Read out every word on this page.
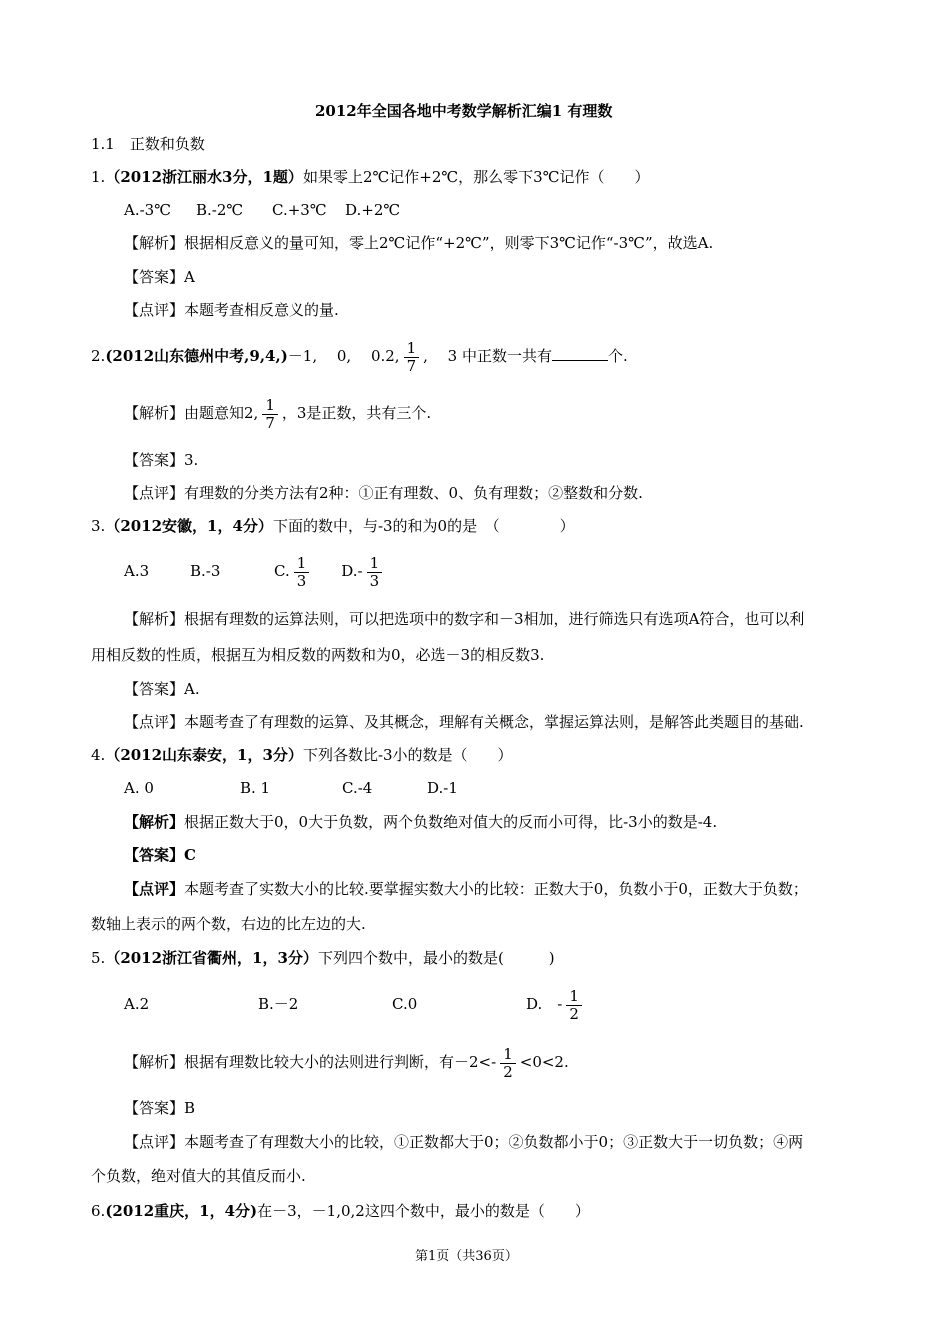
2012年全国各地中考数学解析汇编1 有理数
1.1　正数和负数
1.（2012浙江丽水3分，1题）如果零上2℃记作+2℃，那么零下3℃记作（　　）
A.-3℃ B.-2℃ C.+3℃ D.+2℃
【解析】根据相反意义的量可知，零上2℃记作“+2℃”，则零下3℃记作“-3℃”，故选A.
【答案】A
【点评】本题考查相反意义的量.
2.(2012山东德州中考,9,4,)－1,　 0,　 0.2, $\frac{1}{7}$ ,　 3 中正数一共有	个.
【解析】由题意知2, $\frac{1}{7}$ ，3是正数，共有三个.
【答案】3.
【点评】有理数的分类方法有2种：①正有理数、0、负有理数；②整数和分数.
3.（2012安徽，1，4分）下面的数中，与-3的和为0的是　（　　　　）
A.3	B.-3	C. $\frac{1}{3} D.- \frac{1}{3}$
【解析】根据有理数的运算法则，可以把选项中的数字和－3相加，进行筛选只有选项A符合，也可以利
用相反数的性质，根据互为相反数的两数和为0，必选－3的相反数3.
【答案】A.
【点评】本题考查了有理数的运算、及其概念，理解有关概念，掌握运算法则，是解答此类题目的基础.
4.（2012山东泰安，1，3分）下列各数比-3小的数是（　　）
A. 0	B. 1	C.-4	D.-1
【解析】根据正数大于0，0大于负数，两个负数绝对值大的反而小可得，比-3小的数是-4.
【答案】C
【点评】本题考查了实数大小的比较.要掌握实数大小的比较：正数大于0，负数小于0，正数大于负数；
数轴上表示的两个数，右边的比左边的大.
5.（2012浙江省衢州，1，3分）下列四个数中，最小的数是(　　　)
A.2	B.－2	C.0	D.　- $\frac{1}{2}$
【解析】根据有理数比较大小的法则进行判断，有$-2<- \frac{1}{2} <0<2$.
【答案】B
【点评】本题考查了有理数大小的比较，①正数都大于0；②负数都小于0；③正数大于一切负数；④两
个负数，绝对值大的其值反而小.
6.(2012重庆，1，4分)在－3，－1,0,2这四个数中，最小的数是（　　）
第1页（共36页）
